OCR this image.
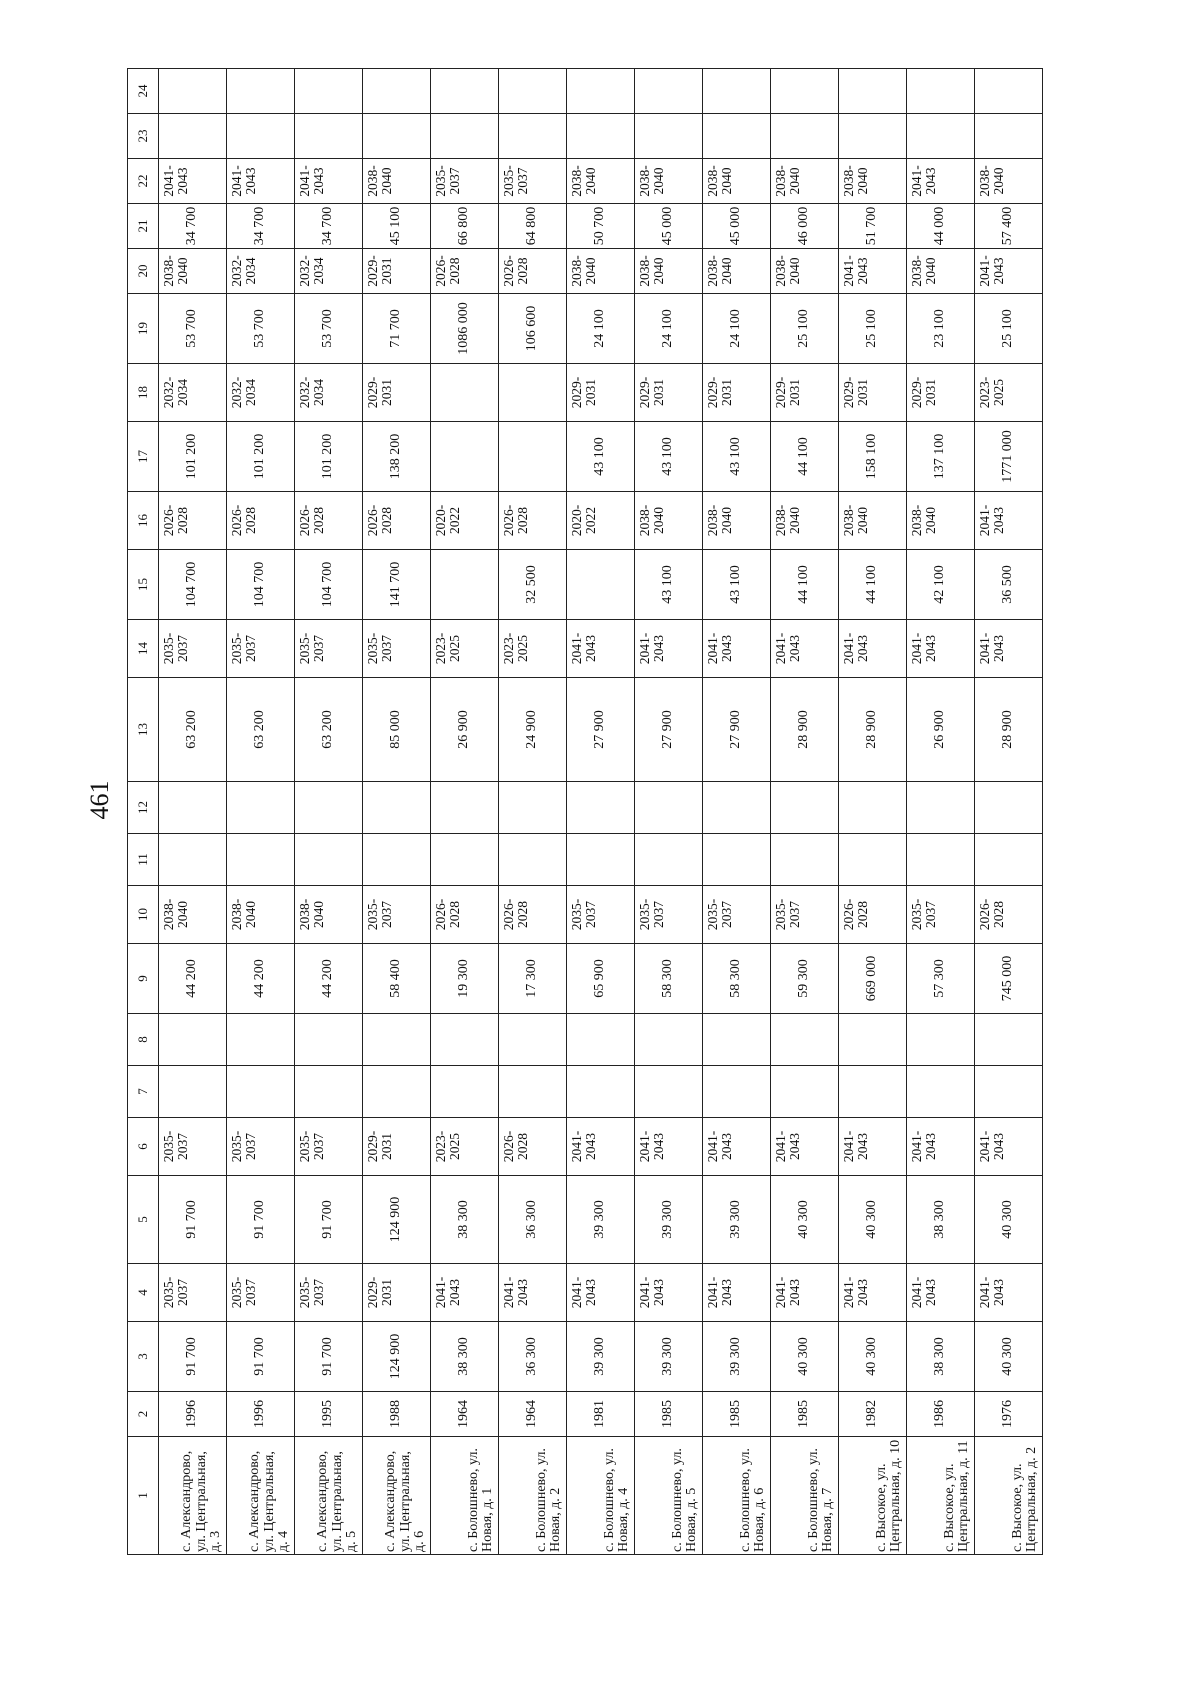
461
1	2	3	4	5	6	7	8	9	10	11	12	13	14	15	16	17	18	19	20	21	22	23	24
с. Александрово, ул. Центральная, д. 3	1996	91 700	2035-2037	91 700	2035-2037			44 200	2038-2040			63 200	2035-2037	104 700	2026-2028	101 200	2032-2034	53 700	2038-2040	34 700	2041-2043		
с. Александрово, ул. Центральная, д. 4	1996	91 700	2035-2037	91 700	2035-2037			44 200	2038-2040			63 200	2035-2037	104 700	2026-2028	101 200	2032-2034	53 700	2032-2034	34 700	2041-2043		
с. Александрово, ул. Центральная, д. 5	1995	91 700	2035-2037	91 700	2035-2037			44 200	2038-2040			63 200	2035-2037	104 700	2026-2028	101 200	2032-2034	53 700	2032-2034	34 700	2041-2043		
с. Александрово, ул. Центральная, д. 6	1988	124 900	2029-2031	124 900	2029-2031			58 400	2035-2037			85 000	2035-2037	141 700	2026-2028	138 200	2029-2031	71 700	2029-2031	45 100	2038-2040		
с. Болошнево, ул. Новая, д. 1	1964	38 300	2041-2043	38 300	2023-2025			19 300	2026-2028			26 900	2023-2025		2020-2022			1086 000	2026-2028	66 800	2035-2037		
с. Болошнево, ул. Новая, д. 2	1964	36 300	2041-2043	36 300	2026-2028			17 300	2026-2028			24 900	2023-2025	32 500	2026-2028			106 600	2026-2028	64 800	2035-2037		
с. Болошнево, ул. Новая, д. 4	1981	39 300	2041-2043	39 300	2041-2043			65 900	2035-2037			27 900	2041-2043		2020-2022	43 100	2029-2031	24 100	2038-2040	50 700	2038-2040		
с. Болошнево, ул. Новая, д. 5	1985	39 300	2041-2043	39 300	2041-2043			58 300	2035-2037			27 900	2041-2043	43 100	2038-2040	43 100	2029-2031	24 100	2038-2040	45 000	2038-2040		
с. Болошнево, ул. Новая, д. 6	1985	39 300	2041-2043	39 300	2041-2043			58 300	2035-2037			27 900	2041-2043	43 100	2038-2040	43 100	2029-2031	24 100	2038-2040	45 000	2038-2040		
с. Болошнево, ул. Новая, д. 7	1985	40 300	2041-2043	40 300	2041-2043			59 300	2035-2037			28 900	2041-2043	44 100	2038-2040	44 100	2029-2031	25 100	2038-2040	46 000	2038-2040		
с. Высокое, ул. Центральная, д. 10	1982	40 300	2041-2043	40 300	2041-2043			669 000	2026-2028			28 900	2041-2043	44 100	2038-2040	158 100	2029-2031	25 100	2041-2043	51 700	2038-2040		
с. Высокое, ул. Центральная, д. 11	1986	38 300	2041-2043	38 300	2041-2043			57 300	2035-2037			26 900	2041-2043	42 100	2038-2040	137 100	2029-2031	23 100	2038-2040	44 000	2041-2043		
с. Высокое, ул. Центральная, д. 2	1976	40 300	2041-2043	40 300	2041-2043			745 000	2026-2028			28 900	2041-2043	36 500	2041-2043	1771 000	2023-2025	25 100	2041-2043	57 400	2038-2040		
